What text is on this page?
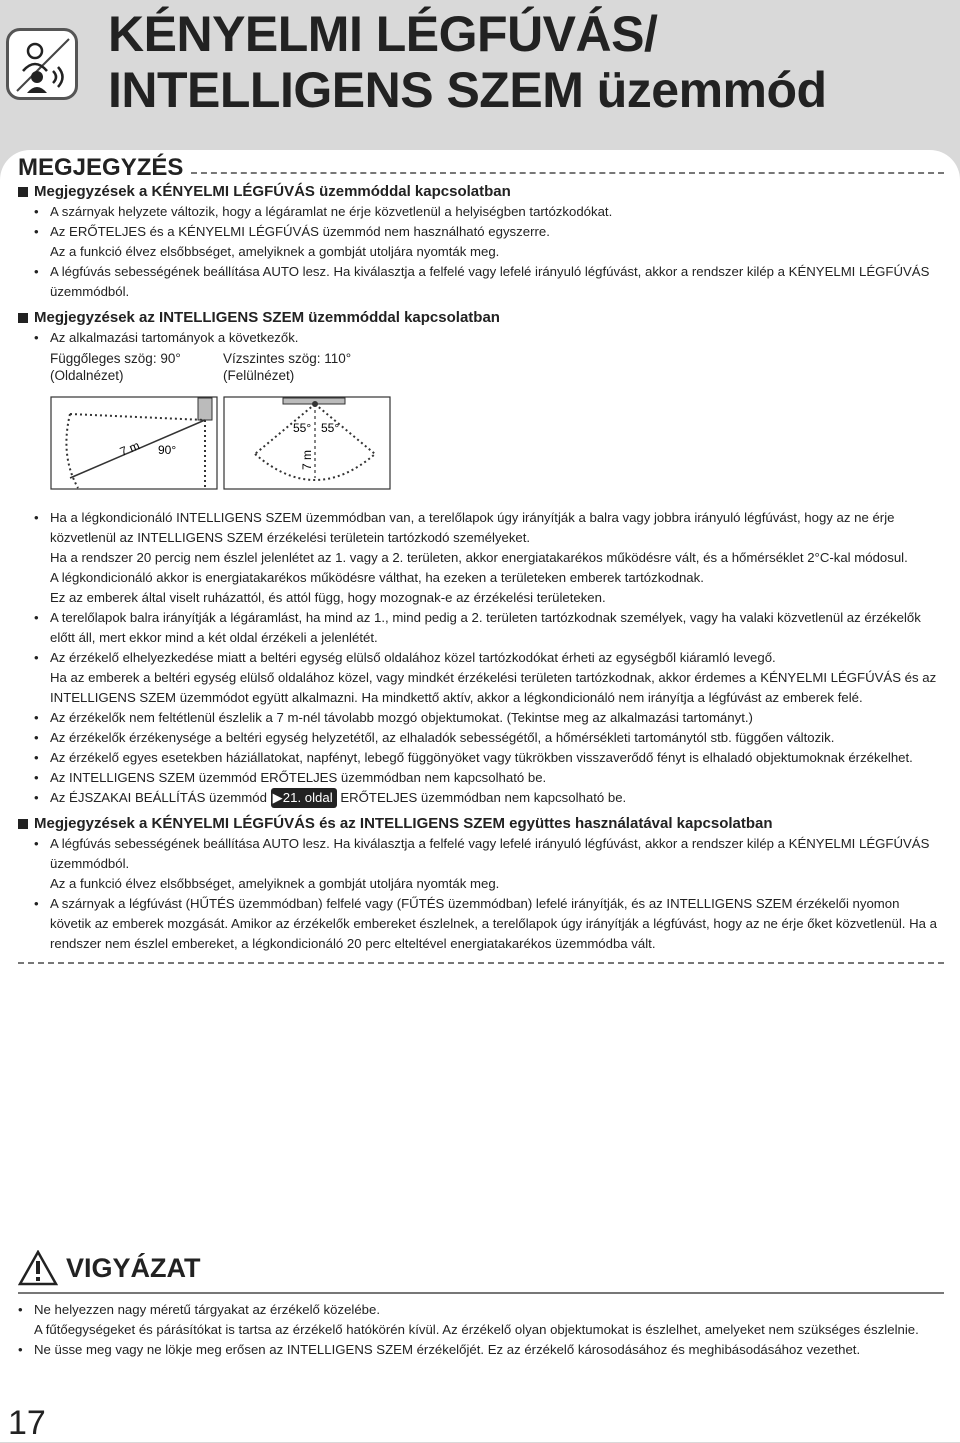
KÉNYELMI LÉGFÚVÁS/
INTELLIGENS SZEM üzemmód
MEGJEGYZÉS
Megjegyzések a KÉNYELMI LÉGFÚVÁS üzemmóddal kapcsolatban
• A szárnyak helyzete változik, hogy a légáramlat ne érje közvetlenül a helyiségben tartózkodókat.
• Az ERŐTELJES és a KÉNYELMI LÉGFÚVÁS üzemmód nem használható egyszerre.
Az a funkció élvez elsőbbséget, amelyiknek a gombját utoljára nyomták meg.
• A légfúvás sebességének beállítása AUTO lesz. Ha kiválasztja a felfelé vagy lefelé irányuló légfúvást, akkor a rendszer kilép a KÉNYELMI LÉGFÚVÁS üzemmódból.
Megjegyzések az INTELLIGENS SZEM üzemmóddal kapcsolatban
• Az alkalmazási tartományok a következők.
Függőleges szög: 90°
(Oldalnézet)
Vízszintes szög: 110°
(Felülnézet)
7 m 90°
55° 55°
7 m
• Ha a légkondicionáló INTELLIGENS SZEM üzemmódban van, a terelőlapok úgy irányítják a balra vagy jobbra irányuló légfúvást, hogy az ne érje közvetlenül az INTELLIGENS SZEM érzékelési területein tartózkodó személyeket.
Ha a rendszer 20 percig nem észlel jelenlétet az 1. vagy a 2. területen, akkor energiatakarékos működésre vált, és a hőmérséklet 2°C-kal módosul.
A légkondicionáló akkor is energiatakarékos működésre válthat, ha ezeken a területeken emberek tartózkodnak.
Ez az emberek által viselt ruházattól, és attól függ, hogy mozognak-e az érzékelési területeken.
• A terelőlapok balra irányítják a légáramlást, ha mind az 1., mind pedig a 2. területen tartózkodnak személyek, vagy ha valaki közvetlenül az érzékelők előtt áll, mert ekkor mind a két oldal érzékeli a jelenlétét.
• Az érzékelő elhelyezkedése miatt a beltéri egység elülső oldalához közel tartózkodókat érheti az egységből kiáramló levegő.
Ha az emberek a beltéri egység elülső oldalához közel, vagy mindkét érzékelési területen tartózkodnak, akkor érdemes a KÉNYELMI LÉGFÚVÁS és az INTELLIGENS SZEM üzemmódot együtt alkalmazni. Ha mindkettő aktív, akkor a légkondicionáló nem irányítja a légfúvást az emberek felé.
• Az érzékelők nem feltétlenül észlelik a 7 m-nél távolabb mozgó objektumokat. (Tekintse meg az alkalmazási tartományt.)
• Az érzékelők érzékenysége a beltéri egység helyzetétől, az elhaladók sebességétől, a hőmérsékleti tartománytól stb. függően változik.
• Az érzékelő egyes esetekben háziállatokat, napfényt, lebegő függönyöket vagy tükrökben visszaverődő fényt is elhaladó objektumoknak érzékelhet.
• Az INTELLIGENS SZEM üzemmód ERŐTELJES üzemmódban nem kapcsolható be.
• Az ÉJSZAKAI BEÁLLÍTÁS üzemmód ▶21. oldal ERŐTELJES üzemmódban nem kapcsolható be.
Megjegyzések a KÉNYELMI LÉGFÚVÁS és az INTELLIGENS SZEM együttes használatával kapcsolatban
• A légfúvás sebességének beállítása AUTO lesz. Ha kiválasztja a felfelé vagy lefelé irányuló légfúvást, akkor a rendszer kilép a KÉNYELMI LÉGFÚVÁS üzemmódból.
Az a funkció élvez elsőbbséget, amelyiknek a gombját utoljára nyomták meg.
• A szárnyak a légfúvást (HŰTÉS üzemmódban) felfelé vagy (FŰTÉS üzemmódban) lefelé irányítják, és az INTELLIGENS SZEM érzékelői nyomon követik az emberek mozgását. Amikor az érzékelők embereket észlelnek, a terelőlapok úgy irányítják a légfúvást, hogy az ne érje őket közvetlenül. Ha a rendszer nem észlel embereket, a légkondicionáló 20 perc elteltével energiatakarékos üzemmódba vált.
VIGYÁZAT
• Ne helyezzen nagy méretű tárgyakat az érzékelő közelébe.
A fűtőegységeket és párásítókat is tartsa az érzékelő hatókörén kívül. Az érzékelő olyan objektumokat is észlelhet, amelyeket nem szükséges észlelnie.
• Ne üsse meg vagy ne lökje meg erősen az INTELLIGENS SZEM érzékelőjét. Ez az érzékelő károsodásához és meghibásodásához vezethet.
17
